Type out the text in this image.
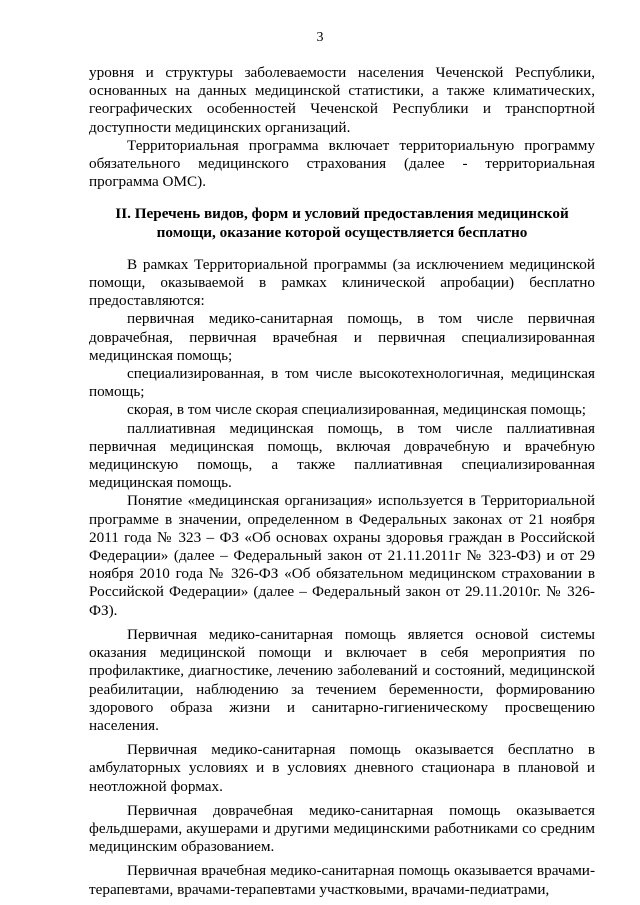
3

уровня и структуры заболеваемости населения Чеченской Республики, основанных на данных медицинской статистики, а также климатических, географических особенностей Чеченской Республики и транспортной доступности медицинских организаций.

Территориальная программа включает территориальную программу обязательного медицинского страхования (далее - территориальная программа ОМС).

II. Перечень видов, форм и условий предоставления медицинской помощи, оказание которой осуществляется бесплатно

В рамках Территориальной программы (за исключением медицинской помощи, оказываемой в рамках клинической апробации) бесплатно предоставляются:

первичная медико-санитарная помощь, в том числе первичная доврачебная, первичная врачебная и первичная специализированная медицинская помощь;

специализированная, в том числе высокотехнологичная, медицинская помощь;

скорая, в том числе скорая специализированная, медицинская помощь;

паллиативная медицинская помощь, в том числе паллиативная первичная медицинская помощь, включая доврачебную и врачебную медицинскую помощь, а также паллиативная специализированная медицинская помощь.

Понятие «медицинская организация» используется в Территориальной программе в значении, определенном в Федеральных законах от 21 ноября 2011 года № 323 – ФЗ «Об основах охраны здоровья граждан в Российской Федерации» (далее – Федеральный закон от 21.11.2011г № 323-ФЗ) и от 29 ноября 2010 года № 326-ФЗ «Об обязательном медицинском страховании в Российской Федерации» (далее – Федеральный закон от 29.11.2010г. № 326-ФЗ).

Первичная медико-санитарная помощь является основой системы оказания медицинской помощи и включает в себя мероприятия по профилактике, диагностике, лечению заболеваний и состояний, медицинской реабилитации, наблюдению за течением беременности, формированию здорового образа жизни и санитарно-гигиеническому просвещению населения.

Первичная медико-санитарная помощь оказывается бесплатно в амбулаторных условиях и в условиях дневного стационара в плановой и неотложной формах.

Первичная доврачебная медико-санитарная помощь оказывается фельдшерами, акушерами и другими медицинскими работниками со средним медицинским образованием.

Первичная врачебная медико-санитарная помощь оказывается врачами-терапевтами, врачами-терапевтами участковыми, врачами-педиатрами,
